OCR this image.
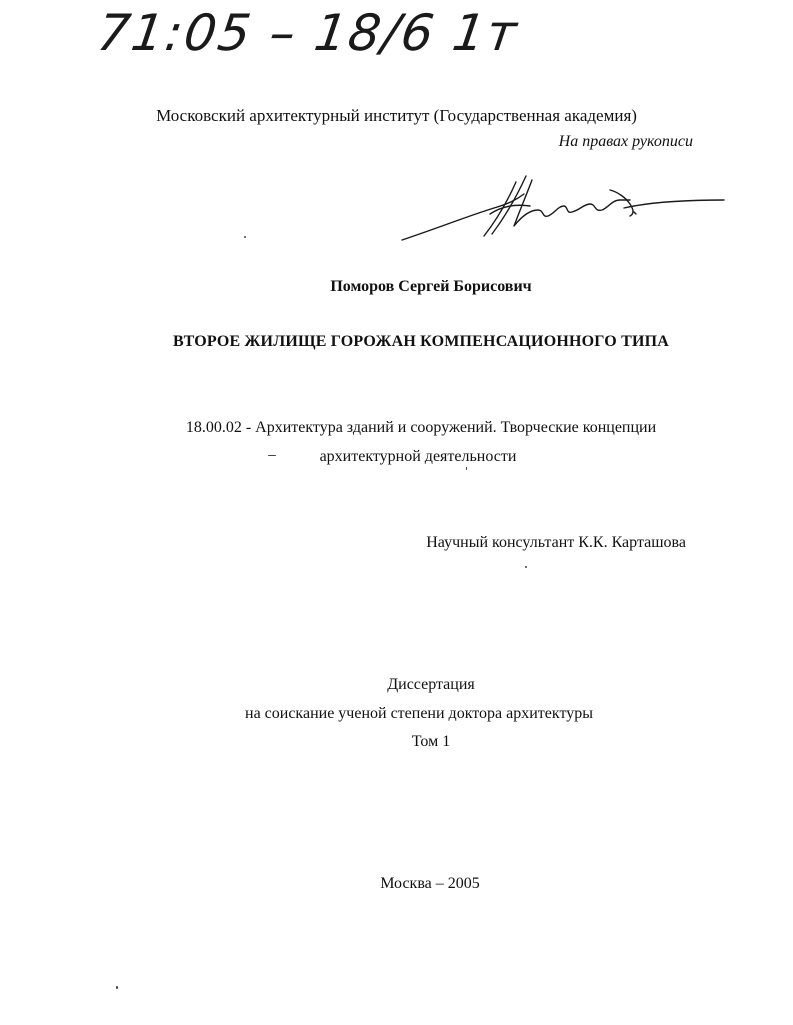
71:05 – 18/6 1т
Московский архитектурный институт (Государственная академия)
На правах рукописи
Поморов Сергей Борисович
ВТОРОЕ ЖИЛИЩЕ ГОРОЖАН КОМПЕНСАЦИОННОГО ТИПА
18.00.02 - Архитектура зданий и сооружений. Творческие концепции
архитектурной деятельности
Научный консультант К.К. Карташова
Диссертация
на соискание ученой степени доктора архитектуры
Том 1
Москва – 2005
